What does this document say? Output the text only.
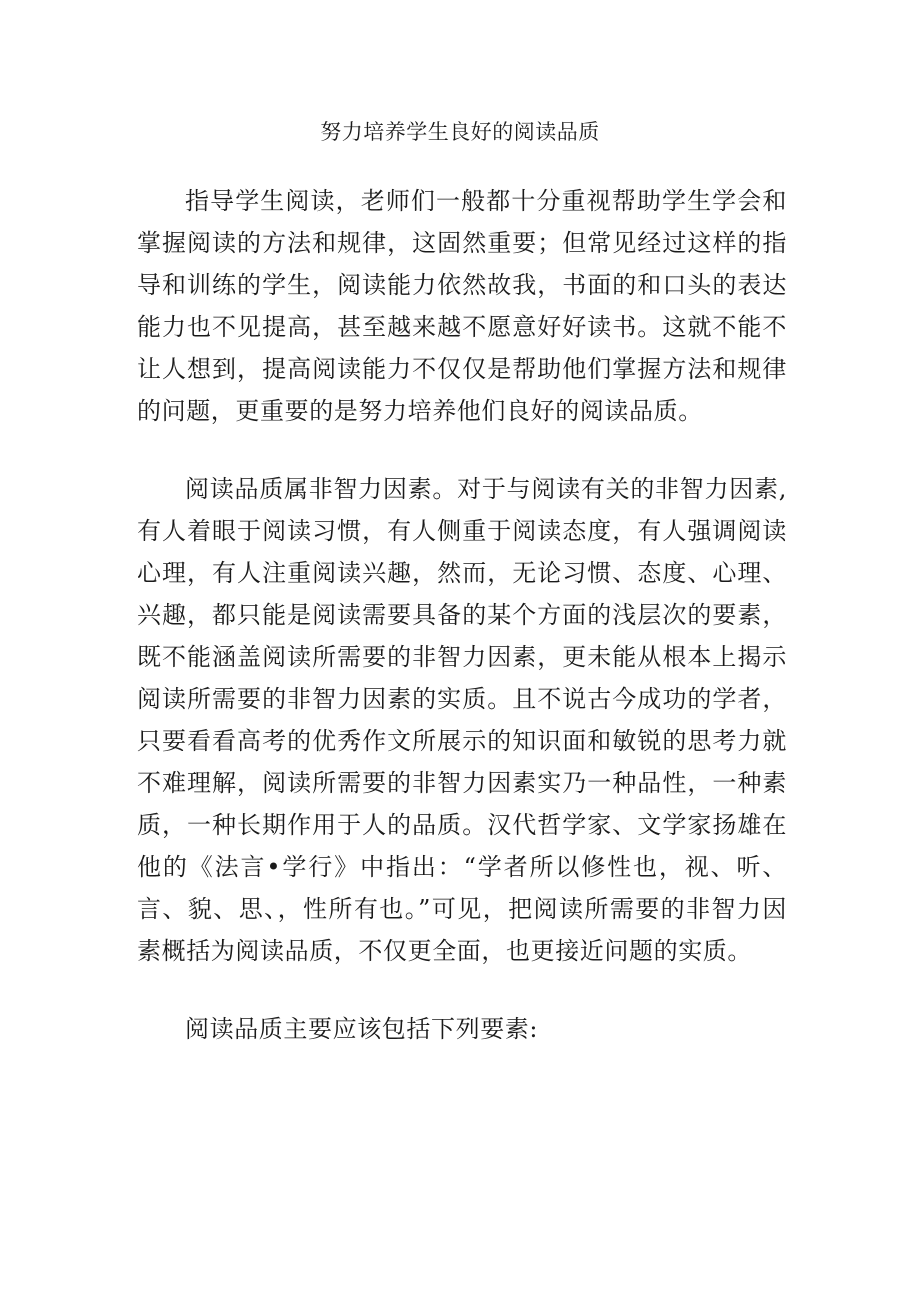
努力培养学生良好的阅读品质

指导学生阅读，老师们一般都十分重视帮助学生学会和掌握阅读的方法和规律，这固然重要；但常见经过这样的指导和训练的学生，阅读能力依然故我，书面的和口头的表达能力也不见提高，甚至越来越不愿意好好读书。这就不能不让人想到，提高阅读能力不仅仅是帮助他们掌握方法和规律的问题，更重要的是努力培养他们良好的阅读品质。

阅读品质属非智力因素。对于与阅读有关的非智力因素,有人着眼于阅读习惯，有人侧重于阅读态度，有人强调阅读心理，有人注重阅读兴趣，然而，无论习惯、态度、心理、兴趣，都只能是阅读需要具备的某个方面的浅层次的要素，既不能涵盖阅读所需要的非智力因素，更未能从根本上揭示阅读所需要的非智力因素的实质。且不说古今成功的学者，只要看看高考的优秀作文所展示的知识面和敏锐的思考力就不难理解，阅读所需要的非智力因素实乃一种品性，一种素质，一种长期作用于人的品质。汉代哲学家、文学家扬雄在他的《法言•学行》中指出：“学者所以修性也，视、听、言、貌、思、，性所有也。”可见，把阅读所需要的非智力因素概括为阅读品质，不仅更全面，也更接近问题的实质。

阅读品质主要应该包括下列要素:
